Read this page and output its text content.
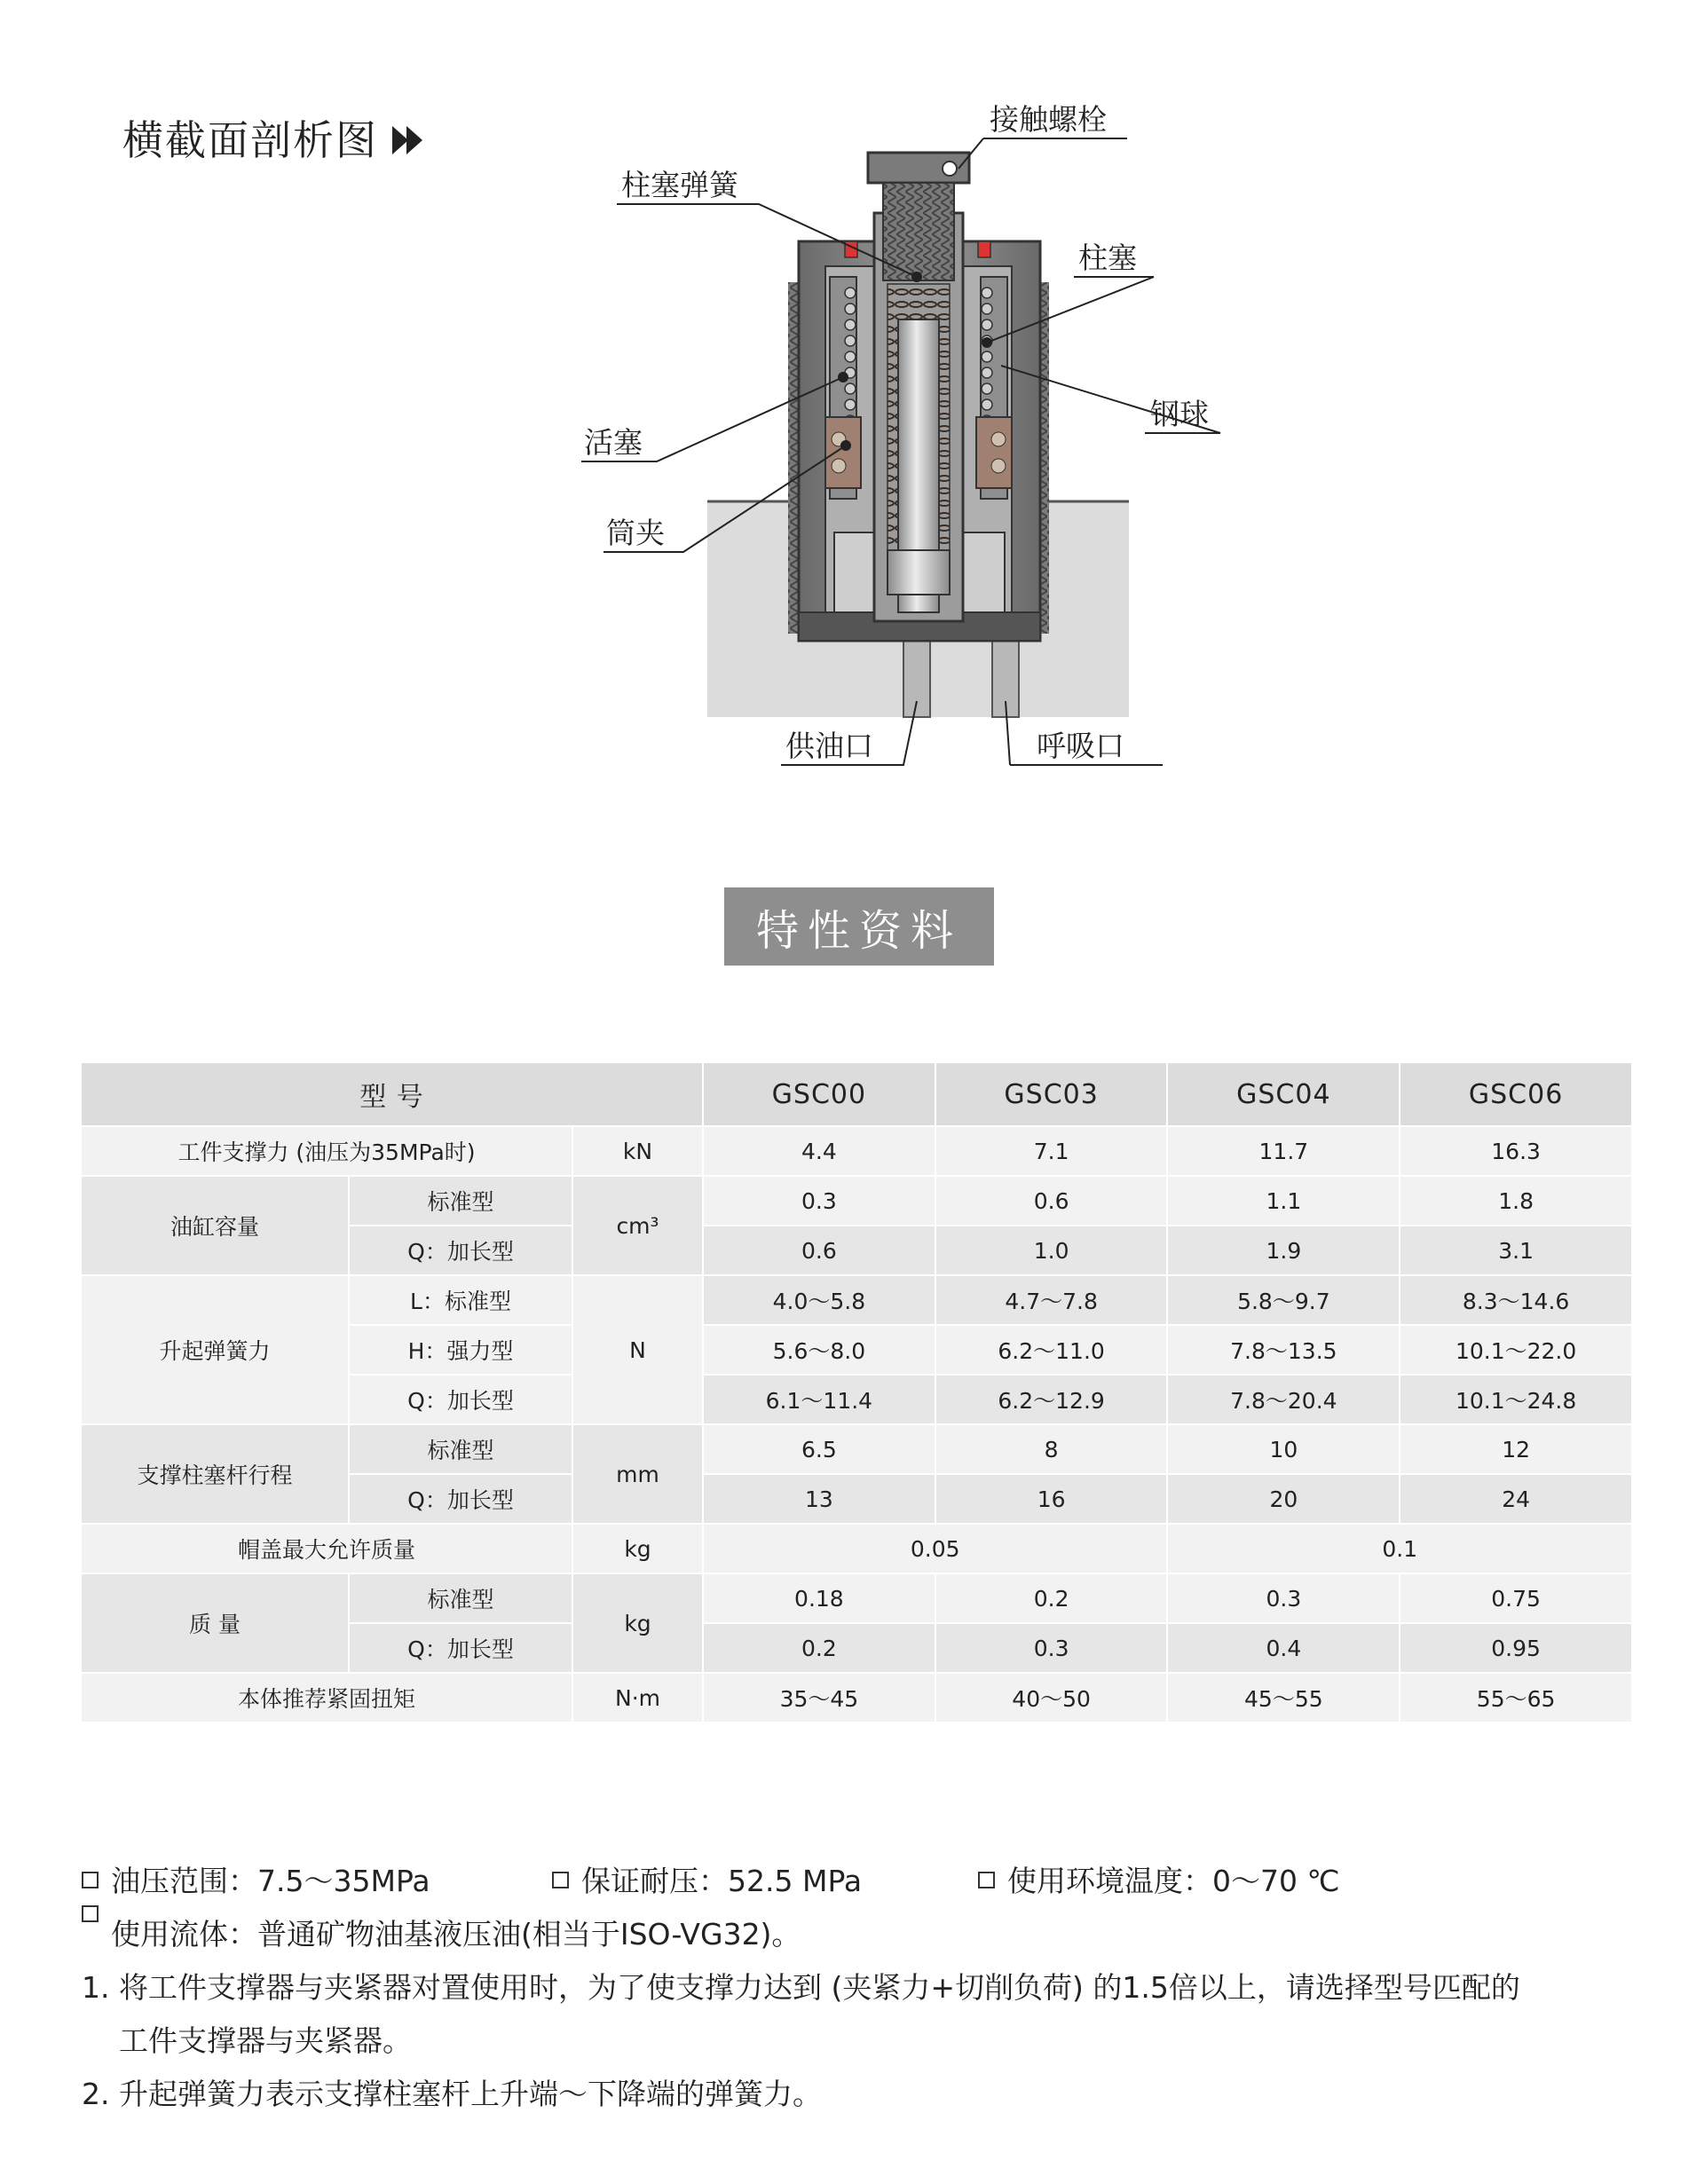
横截面剖析图	接触螺栓
柱塞弹簧
柱塞
钢球
活塞
筒夹
供油口	呼吸口
特性资料
型 号			GSC00	GSC03	GSC04	GSC06
工件支撑力 (油压为35MPa时)		kN	4.4	7.1	11.7	16.3
油缸容量	标准型	cm³	0.3	0.6	1.1	1.8
	Q：加长型		0.6	1.0	1.9	3.1
升起弹簧力	L：标准型	N	4.0～5.8	4.7～7.8	5.8～9.7	8.3～14.6
	H：强力型		5.6～8.0	6.2～11.0	7.8～13.5	10.1～22.0
	Q：加长型		6.1～11.4	6.2～12.9	7.8～20.4	10.1～24.8
支撑柱塞杆行程	标准型	mm	6.5	8	10	12
	Q：加长型		13	16	20	24
帽盖最大允许质量		kg	0.05		0.1	
质 量	标准型	kg	0.18	0.2	0.3	0.75
	Q：加长型		0.2	0.3	0.4	0.95
本体推荐紧固扭矩		N·m	35～45	40～50	45～55	55～65
油压范围：7.5～35MPa	保证耐压：52.5 MPa	使用环境温度：0～70 ℃
使用流体：普通矿物油基液压油(相当于ISO-VG32)。
1. 将工件支撑器与夹紧器对置使用时，为了使支撑力达到 (夹紧力+切削负荷) 的1.5倍以上，请选择型号匹配的
工件支撑器与夹紧器。
2. 升起弹簧力表示支撑柱塞杆上升端～下降端的弹簧力。
